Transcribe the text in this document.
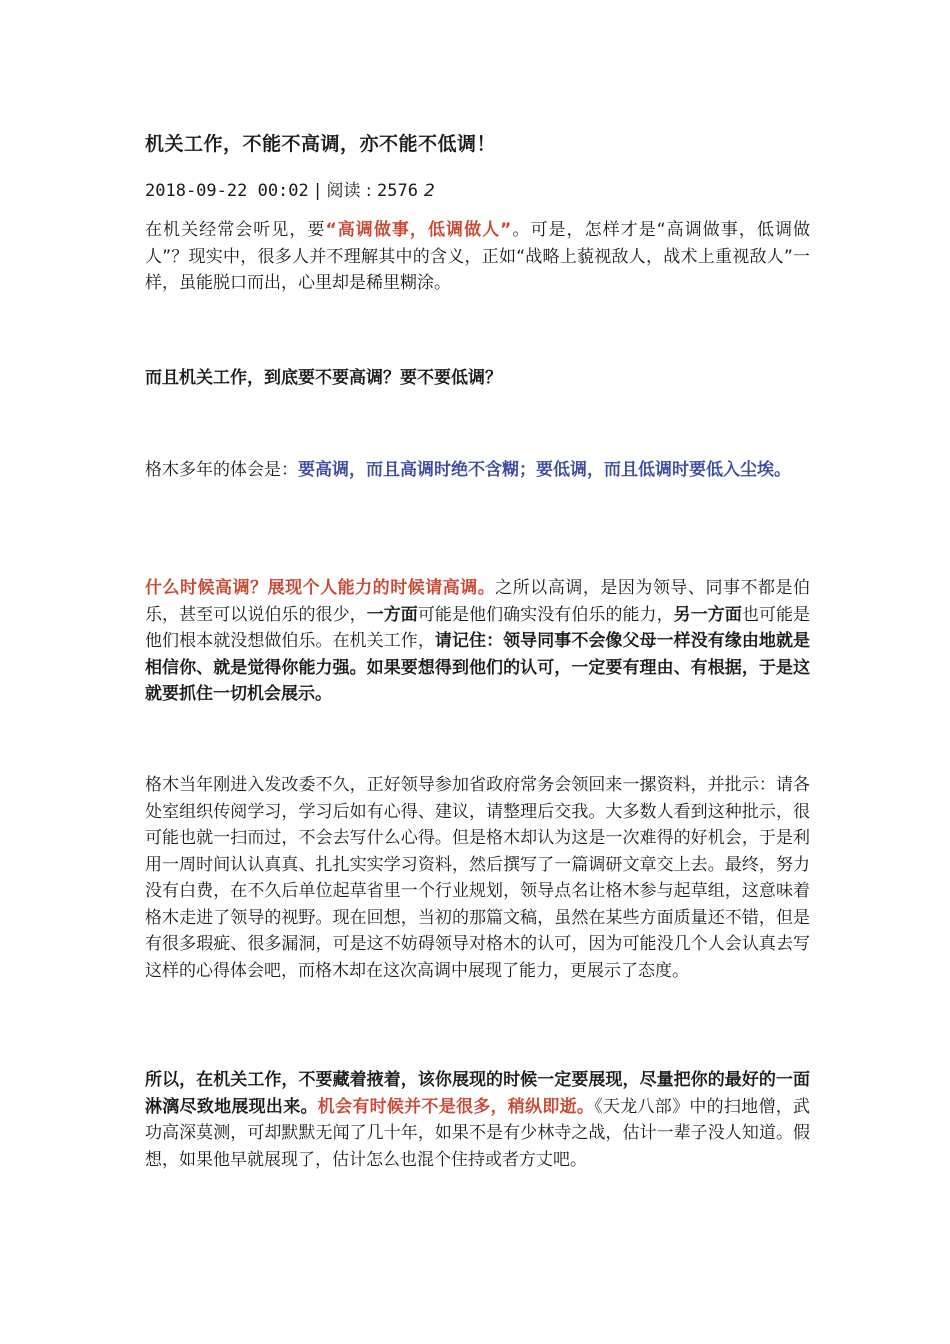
机关工作，不能不高调，亦不能不低调！
2018-09-22 00:02 | 阅读 : 2576 2

在机关经常会听见，要“高调做事，低调做人”。可是，怎样才是“高调做事，低调做人”？现实中，很多人并不理解其中的含义，正如“战略上藐视敌人，战术上重视敌人”一样，虽能脱口而出，心里却是稀里糊涂。

而且机关工作，到底要不要高调？要不要低调？

格木多年的体会是：要高调，而且高调时绝不含糊；要低调，而且低调时要低入尘埃。

什么时候高调？展现个人能力的时候请高调。之所以高调，是因为领导、同事不都是伯乐，甚至可以说伯乐的很少，一方面可能是他们确实没有伯乐的能力，另一方面也可能是他们根本就没想做伯乐。在机关工作，请记住：领导同事不会像父母一样没有缘由地就是相信你、就是觉得你能力强。如果要想得到他们的认可，一定要有理由、有根据，于是这就要抓住一切机会展示。

格木当年刚进入发改委不久，正好领导参加省政府常务会领回来一摞资料，并批示：请各处室组织传阅学习，学习后如有心得、建议，请整理后交我。大多数人看到这种批示，很可能也就一扫而过，不会去写什么心得。但是格木却认为这是一次难得的好机会，于是利用一周时间认认真真、扎扎实实学习资料，然后撰写了一篇调研文章交上去。最终，努力没有白费，在不久后单位起草省里一个行业规划，领导点名让格木参与起草组，这意味着格木走进了领导的视野。现在回想，当初的那篇文稿，虽然在某些方面质量还不错，但是有很多瑕疵、很多漏洞，可是这不妨碍领导对格木的认可，因为可能没几个人会认真去写这样的心得体会吧，而格木却在这次高调中展现了能力，更展示了态度。

所以，在机关工作，不要藏着掖着，该你展现的时候一定要展现，尽量把你的最好的一面淋漓尽致地展现出来。机会有时候并不是很多，稍纵即逝。《天龙八部》中的扫地僧，武功高深莫测，可却默默无闻了几十年，如果不是有少林寺之战，估计一辈子没人知道。假想，如果他早就展现了，估计怎么也混个住持或者方丈吧。
